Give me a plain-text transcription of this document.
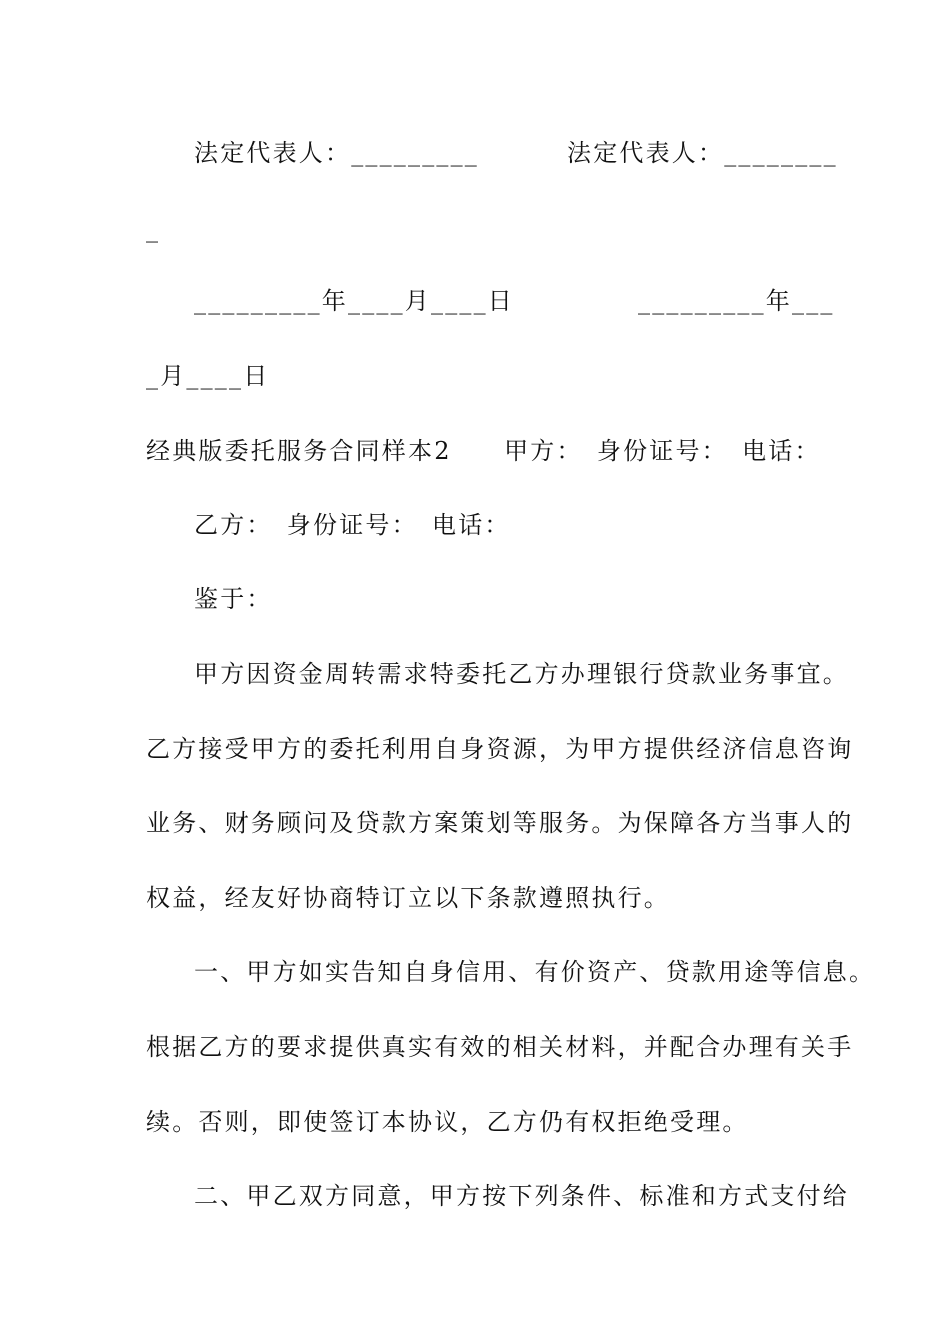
法定代表人：_________	法定代表人：________
_
_________年____月____日	_________年___
_月____日
经典版委托服务合同样本2　　甲方：　身份证号：　电话：
乙方：　身份证号：　电话：
鉴于：
甲方因资金周转需求特委托乙方办理银行贷款业务事宜。
乙方接受甲方的委托利用自身资源，为甲方提供经济信息咨询
业务、财务顾问及贷款方案策划等服务。为保障各方当事人的
权益，经友好协商特订立以下条款遵照执行。
一、甲方如实告知自身信用、有价资产、贷款用途等信息。
根据乙方的要求提供真实有效的相关材料，并配合办理有关手
续。否则，即使签订本协议，乙方仍有权拒绝受理。
二、甲乙双方同意，甲方按下列条件、标准和方式支付给
